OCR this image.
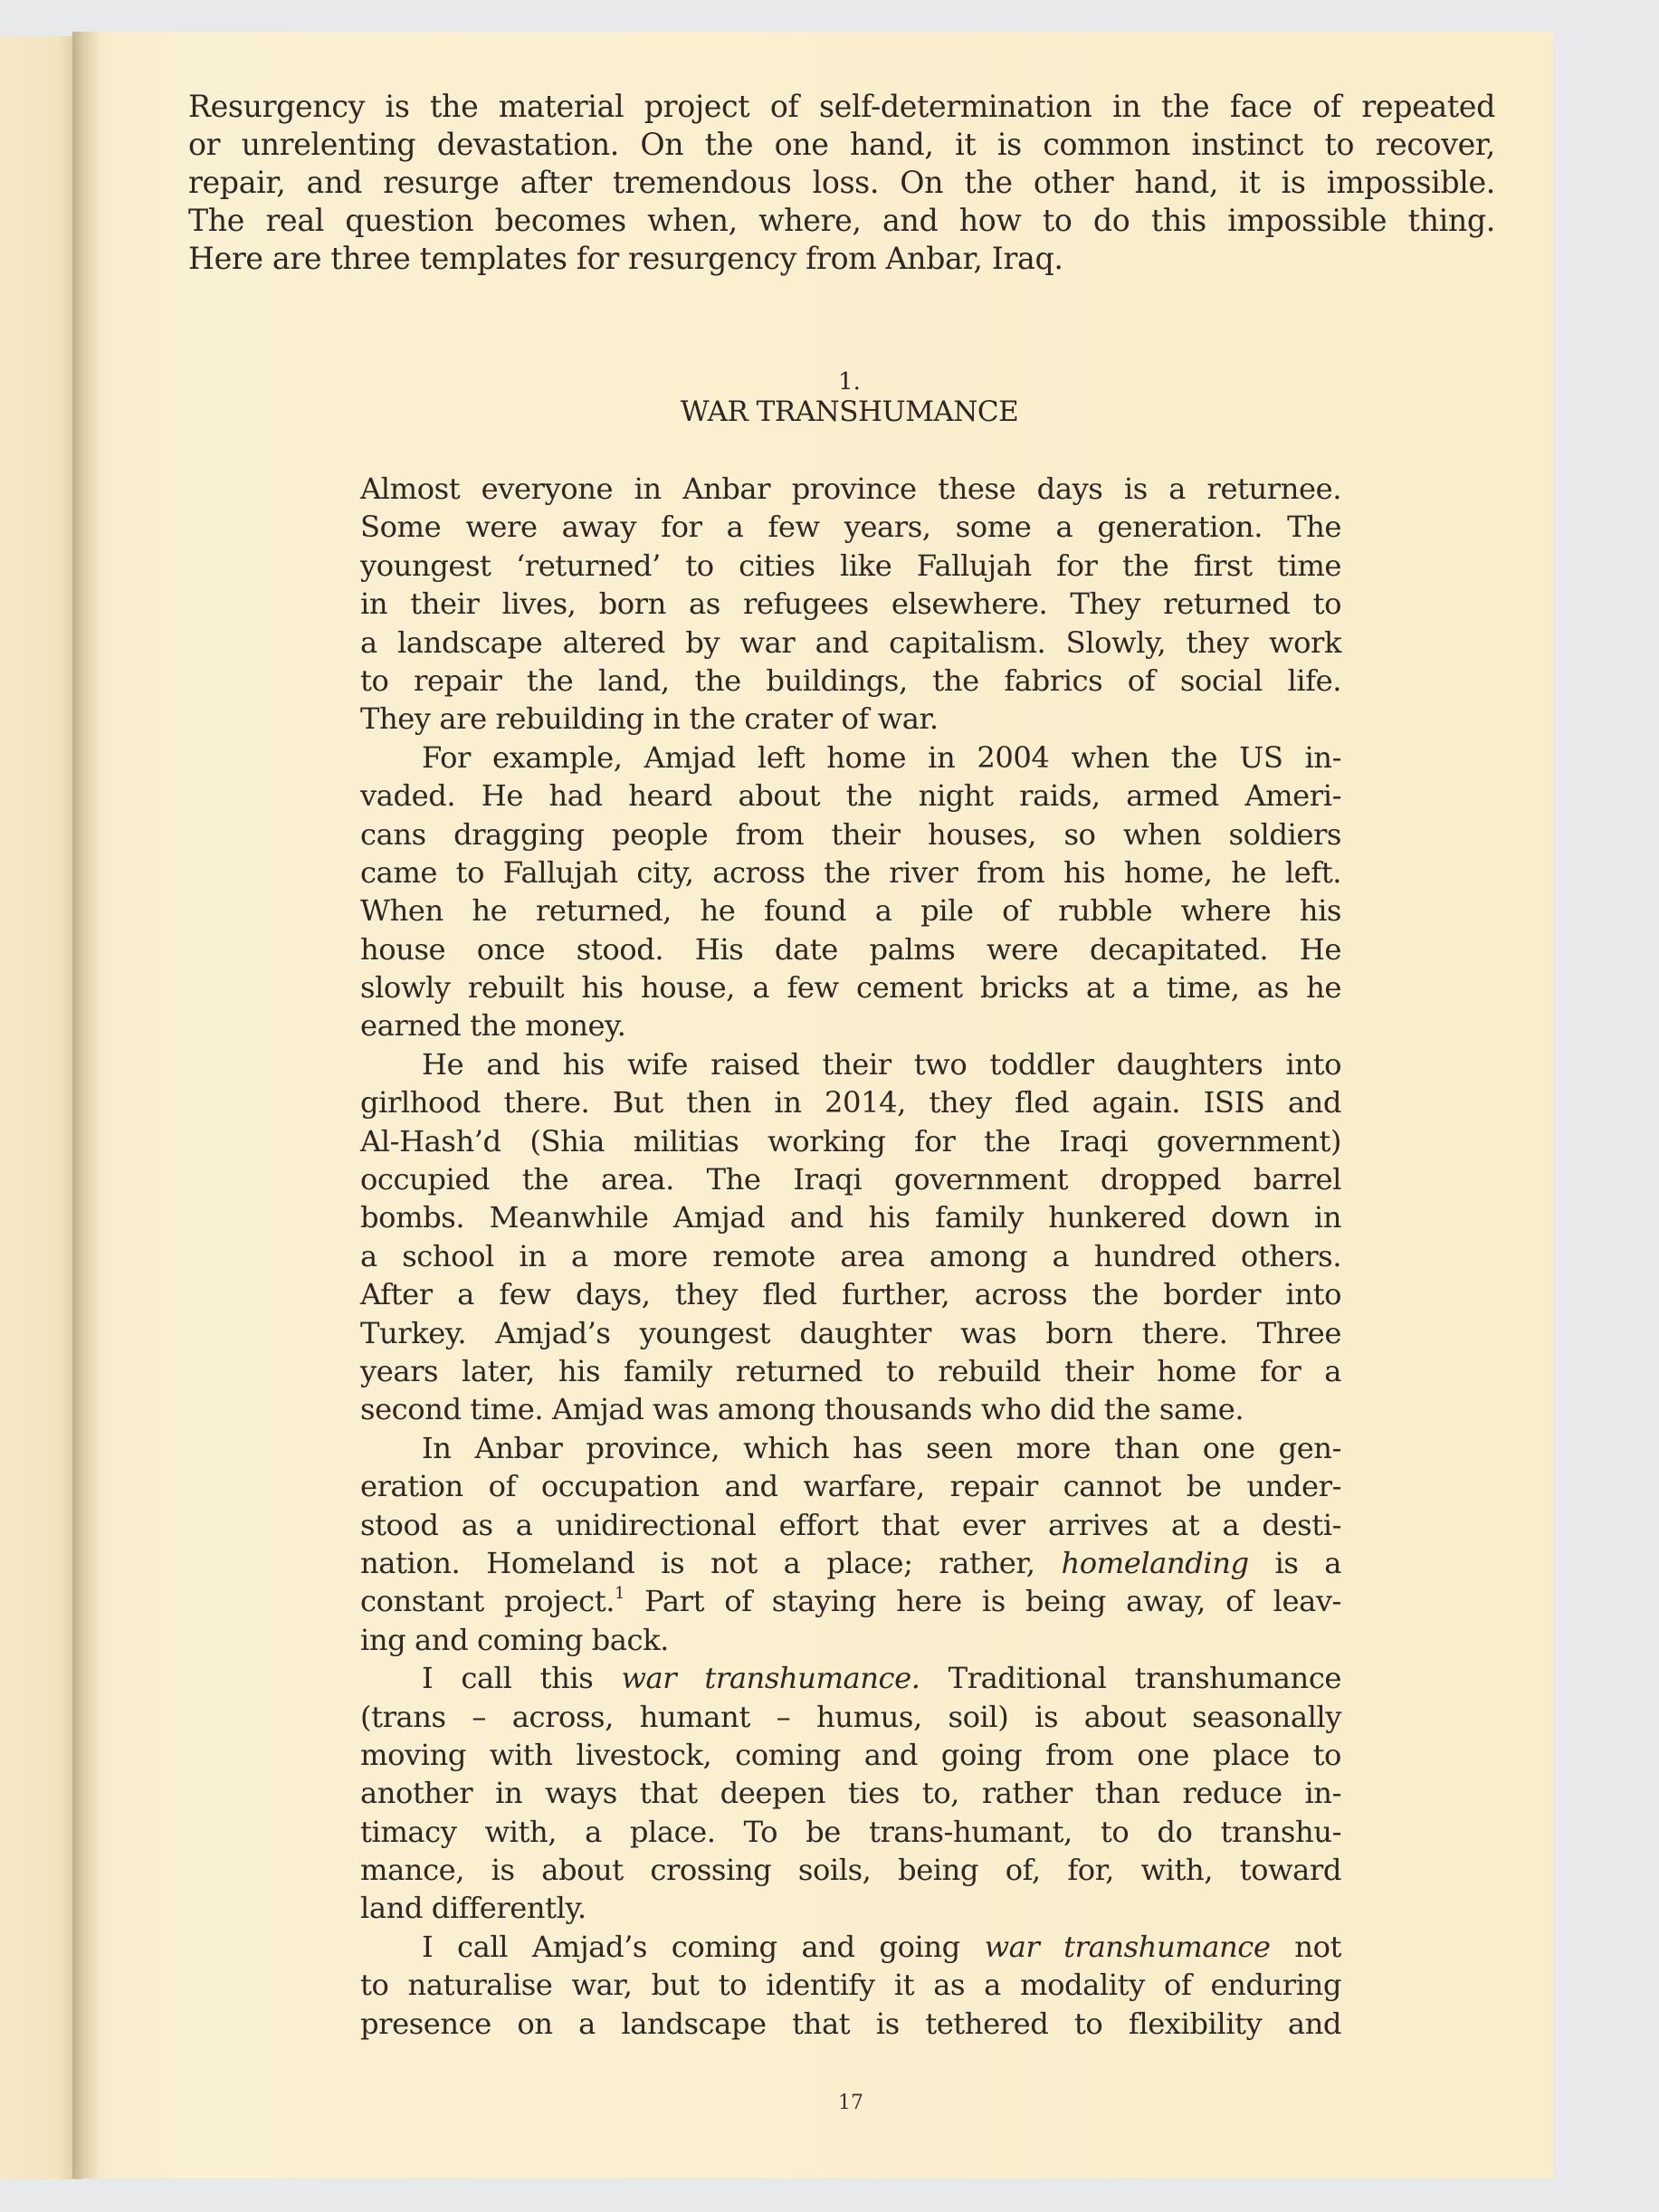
Resurgency is the material project of self-determination in the face of repeated
or unrelenting devastation. On the one hand, it is common instinct to recover,
repair, and resurge after tremendous loss. On the other hand, it is impossible.
The real question becomes when, where, and how to do this impossible thing.
Here are three templates for resurgency from Anbar, Iraq.
1.
WAR TRANSHUMANCE
Almost everyone in Anbar province these days is a returnee.
Some were away for a few years, some a generation. The
youngest ‘returned’ to cities like Fallujah for the first time
in their lives, born as refugees elsewhere. They returned to
a landscape altered by war and capitalism. Slowly, they work
to repair the land, the buildings, the fabrics of social life.
They are rebuilding in the crater of war.
For example, Amjad left home in 2004 when the US in-
vaded. He had heard about the night raids, armed Ameri-
cans dragging people from their houses, so when soldiers
came to Fallujah city, across the river from his home, he left.
When he returned, he found a pile of rubble where his
house once stood. His date palms were decapitated. He
slowly rebuilt his house, a few cement bricks at a time, as he
earned the money.
He and his wife raised their two toddler daughters into
girlhood there. But then in 2014, they fled again. ISIS and
Al-Hash’d (Shia militias working for the Iraqi government)
occupied the area. The Iraqi government dropped barrel
bombs. Meanwhile Amjad and his family hunkered down in
a school in a more remote area among a hundred others.
After a few days, they fled further, across the border into
Turkey. Amjad’s youngest daughter was born there. Three
years later, his family returned to rebuild their home for a
second time. Amjad was among thousands who did the same.
In Anbar province, which has seen more than one gen-
eration of occupation and warfare, repair cannot be under-
stood as a unidirectional effort that ever arrives at a desti-
nation. Homeland is not a place; rather, homelanding is a
constant project.$^1$ Part of staying here is being away, of leav-
ing and coming back.
I call this war transhumance. Traditional transhumance
(trans – across, humant – humus, soil) is about seasonally
moving with livestock, coming and going from one place to
another in ways that deepen ties to, rather than reduce in-
timacy with, a place. To be trans-humant, to do transhu-
mance, is about crossing soils, being of, for, with, toward
land differently.
I call Amjad’s coming and going war transhumance not
to naturalise war, but to identify it as a modality of enduring
presence on a landscape that is tethered to flexibility and
17
